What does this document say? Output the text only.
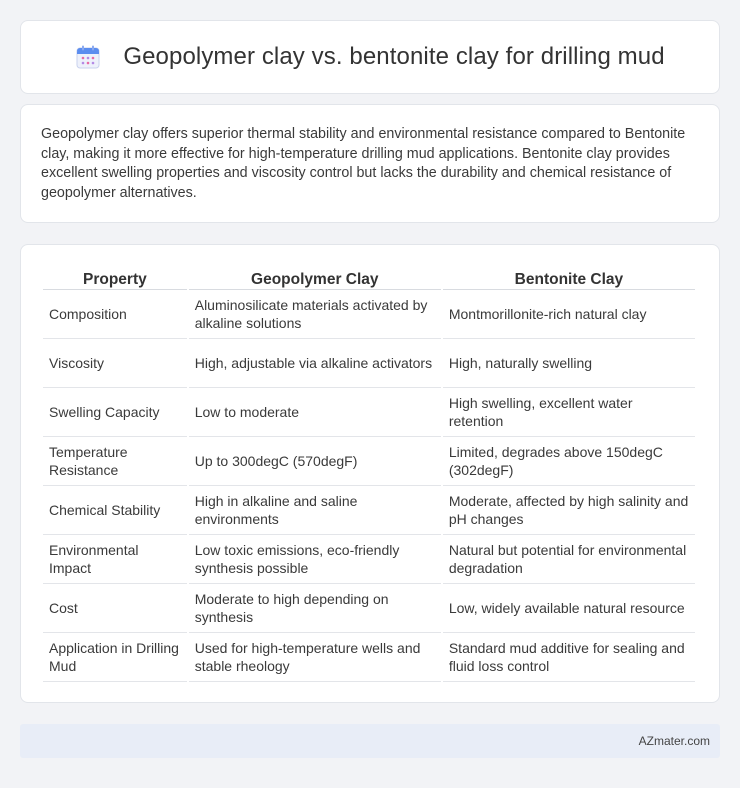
Geopolymer clay vs. bentonite clay for drilling mud

Geopolymer clay offers superior thermal stability and environmental resistance compared to Bentonite clay, making it more effective for high-temperature drilling mud applications. Bentonite clay provides excellent swelling properties and viscosity control but lacks the durability and chemical resistance of geopolymer alternatives.

Property	Geopolymer Clay	Bentonite Clay
Composition	Aluminosilicate materials activated by alkaline solutions	Montmorillonite-rich natural clay
Viscosity	High, adjustable via alkaline activators	High, naturally swelling
Swelling Capacity	Low to moderate	High swelling, excellent water retention
Temperature Resistance	Up to 300degC (570degF)	Limited, degrades above 150degC (302degF)
Chemical Stability	High in alkaline and saline environments	Moderate, affected by high salinity and pH changes
Environmental Impact	Low toxic emissions, eco-friendly synthesis possible	Natural but potential for environmental degradation
Cost	Moderate to high depending on synthesis	Low, widely available natural resource
Application in Drilling Mud	Used for high-temperature wells and stable rheology	Standard mud additive for sealing and fluid loss control
AZmater.com
